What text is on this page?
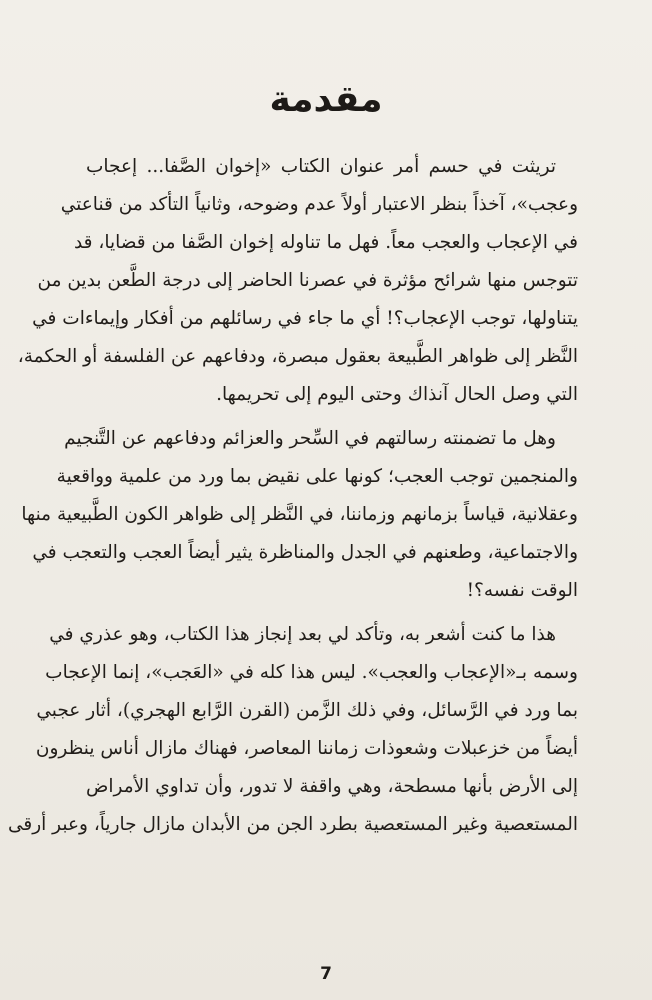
مقدمة
تريثت في حسم أمر عنوان الكتاب «إخوان الصَّفا... إعجاب
وعجب»، آخذاً بنظر الاعتبار أولاً عدم وضوحه، وثانياً التأكد من قناعتي
في الإعجاب والعجب معاً. فهل ما تناوله إخوان الصَّفا من قضايا، قد
تتوجس منها شرائح مؤثرة في عصرنا الحاضر إلى درجة الطَّعن بدين من
يتناولها، توجب الإعجاب؟! أي ما جاء في رسائلهم من أفكار وإيماءات في
النَّظر إلى ظواهر الطَّبيعة بعقول مبصرة، ودفاعهم عن الفلسفة أو الحكمة،
التي وصل الحال آنذاك وحتى اليوم إلى تحريمها.
وهل ما تضمنته رسالتهم في السِّحر والعزائم ودفاعهم عن التَّنجيم
والمنجمين توجب العجب؛ كونها على نقيض بما ورد من علمية وواقعية
وعقلانية، قياساً بزمانهم وزماننا، في النَّظر إلى ظواهر الكون الطَّبيعية منها
والاجتماعية، وطعنهم في الجدل والمناظرة يثير أيضاً العجب والتعجب في
الوقت نفسه؟!
هذا ما كنت أشعر به، وتأكد لي بعد إنجاز هذا الكتاب، وهو عذري في
وسمه بـ«الإعجاب والعجب». ليس هذا كله في «العَجب»، إنما الإعجاب
بما ورد في الرَّسائل، وفي ذلك الزَّمن (القرن الرَّابع الهجري)، أثار عجبي
أيضاً من خزعبلات وشعوذات زماننا المعاصر، فهناك مازال أناس ينظرون
إلى الأرض بأنها مسطحة، وهي واقفة لا تدور، وأن تداوي الأمراض
المستعصية وغير المستعصية بطرد الجن من الأبدان مازال جارياً، وعبر أرقى
7
